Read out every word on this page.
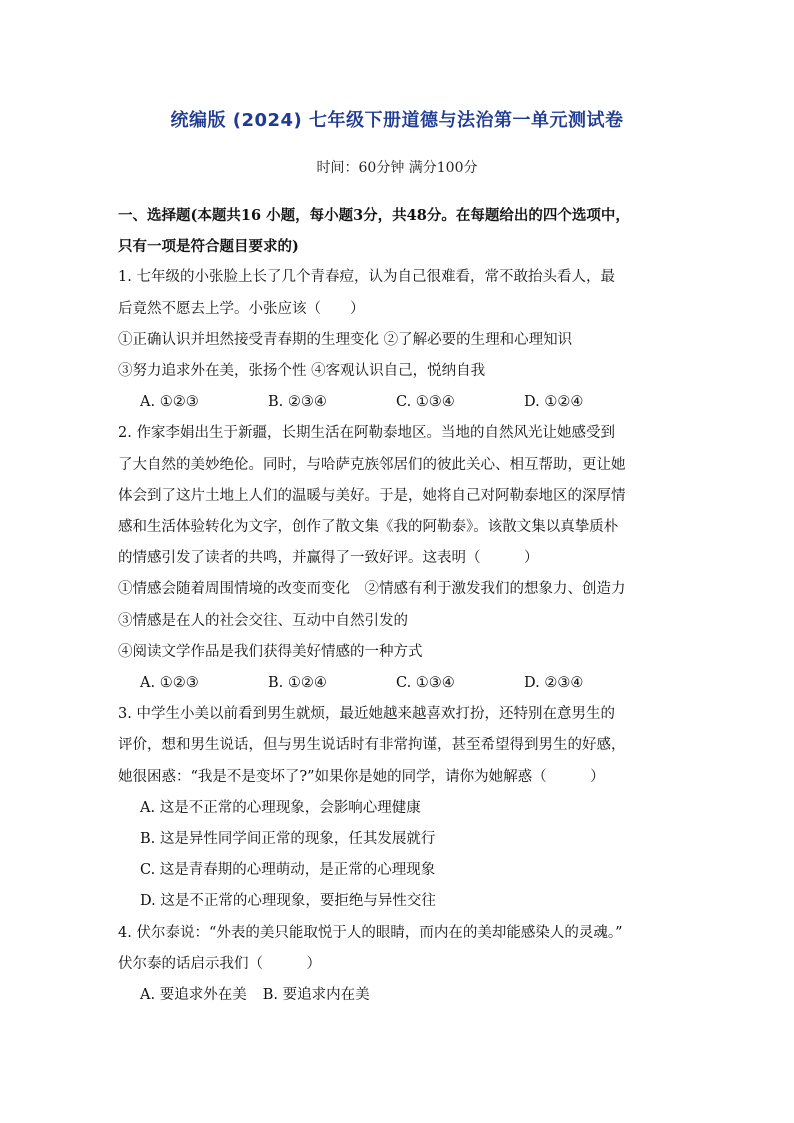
统编版 (2024) 七年级下册道德与法治第一单元测试卷
时间：60分钟 满分100分
一、选择题(本题共16 小题，每小题3分，共48分。在每题给出的四个选项中，
只有一项是符合题目要求的)
1. 七年级的小张脸上长了几个青春痘，认为自己很难看，常不敢抬头看人，最
后竟然不愿去上学。小张应该（　　）
①正确认识并坦然接受青春期的生理变化 ②了解必要的生理和心理知识
③努力追求外在美，张扬个性 ④客观认识自己，悦纳自我
A. ①②③	B. ②③④	C. ①③④	D. ①②④
2. 作家李娟出生于新疆，长期生活在阿勒泰地区。当地的自然风光让她感受到
了大自然的美妙绝伦。同时，与哈萨克族邻居们的彼此关心、相互帮助，更让她
体会到了这片土地上人们的温暖与美好。于是，她将自己对阿勒泰地区的深厚情
感和生活体验转化为文字，创作了散文集《我的阿勒泰》。该散文集以真挚质朴
的情感引发了读者的共鸣，并赢得了一致好评。这表明（　　　）
①情感会随着周围情境的改变而变化　②情感有利于激发我们的想象力、创造力
③情感是在人的社会交往、互动中自然引发的
④阅读文学作品是我们获得美好情感的一种方式
A. ①②③	B. ①②④	C. ①③④	D. ②③④
3. 中学生小美以前看到男生就烦，最近她越来越喜欢打扮，还特别在意男生的
评价，想和男生说话，但与男生说话时有非常拘谨，甚至希望得到男生的好感，
她很困惑：“我是不是变坏了?”如果你是她的同学，请你为她解惑（　　　）
A. 这是不正常的心理现象，会影响心理健康
B. 这是异性同学间正常的现象，任其发展就行
C. 这是青春期的心理萌动，是正常的心理现象
D. 这是不正常的心理现象，要拒绝与异性交往
4. 伏尔泰说：“外表的美只能取悦于人的眼睛，而内在的美却能感染人的灵魂。”
伏尔泰的话启示我们（　　　）
A. 要追求外在美 B. 要追求内在美
